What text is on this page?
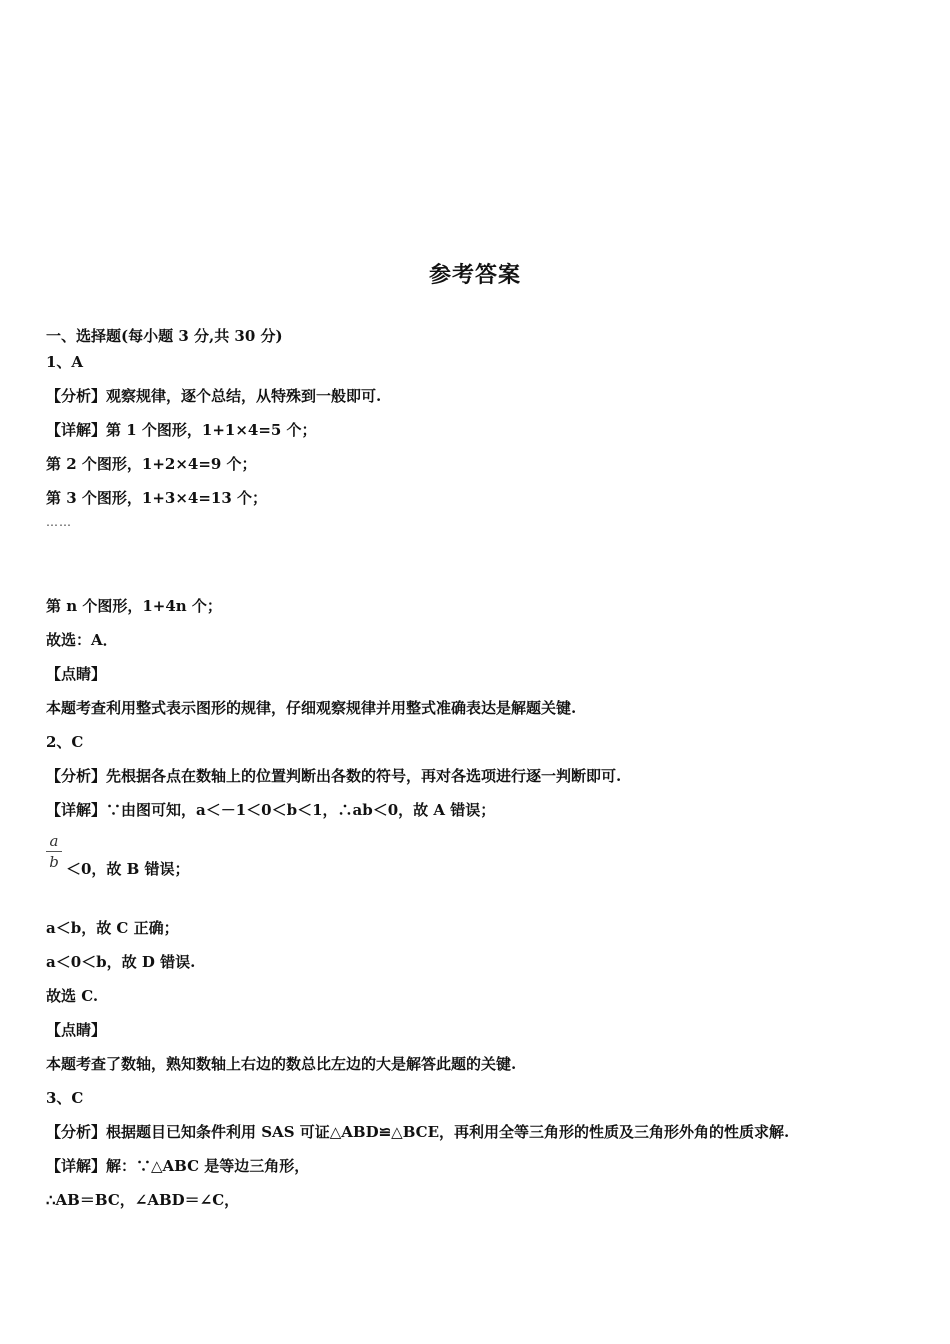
参考答案
一、选择题(每小题 3 分,共 30 分)
1、A
【分析】观察规律，逐个总结，从特殊到一般即可.
【详解】第 1 个图形，1+1×4=5 个；
第 2 个图形，1+2×4=9 个；
第 3 个图形，1+3×4=13 个；
……
第 n 个图形，1+4n 个；
故选：A．
【点睛】
本题考查利用整式表示图形的规律，仔细观察规律并用整式准确表达是解题关键.
2、C
【分析】先根据各点在数轴上的位置判断出各数的符号，再对各选项进行逐一判断即可.
【详解】∵由图可知，a＜－1＜0＜b＜1，∴ab＜0，故 A 错误；
a
b ＜0，故 B 错误；
a＜b，故 C 正确；
a＜0＜b，故 D 错误.
故选 C.
【点睛】
本题考查了数轴，熟知数轴上右边的数总比左边的大是解答此题的关键.
3、C
【分析】根据题目已知条件利用 SAS 可证△ABD≌△BCE，再利用全等三角形的性质及三角形外角的性质求解.
【详解】解：∵△ABC 是等边三角形，
∴AB＝BC，∠ABD＝∠C，
